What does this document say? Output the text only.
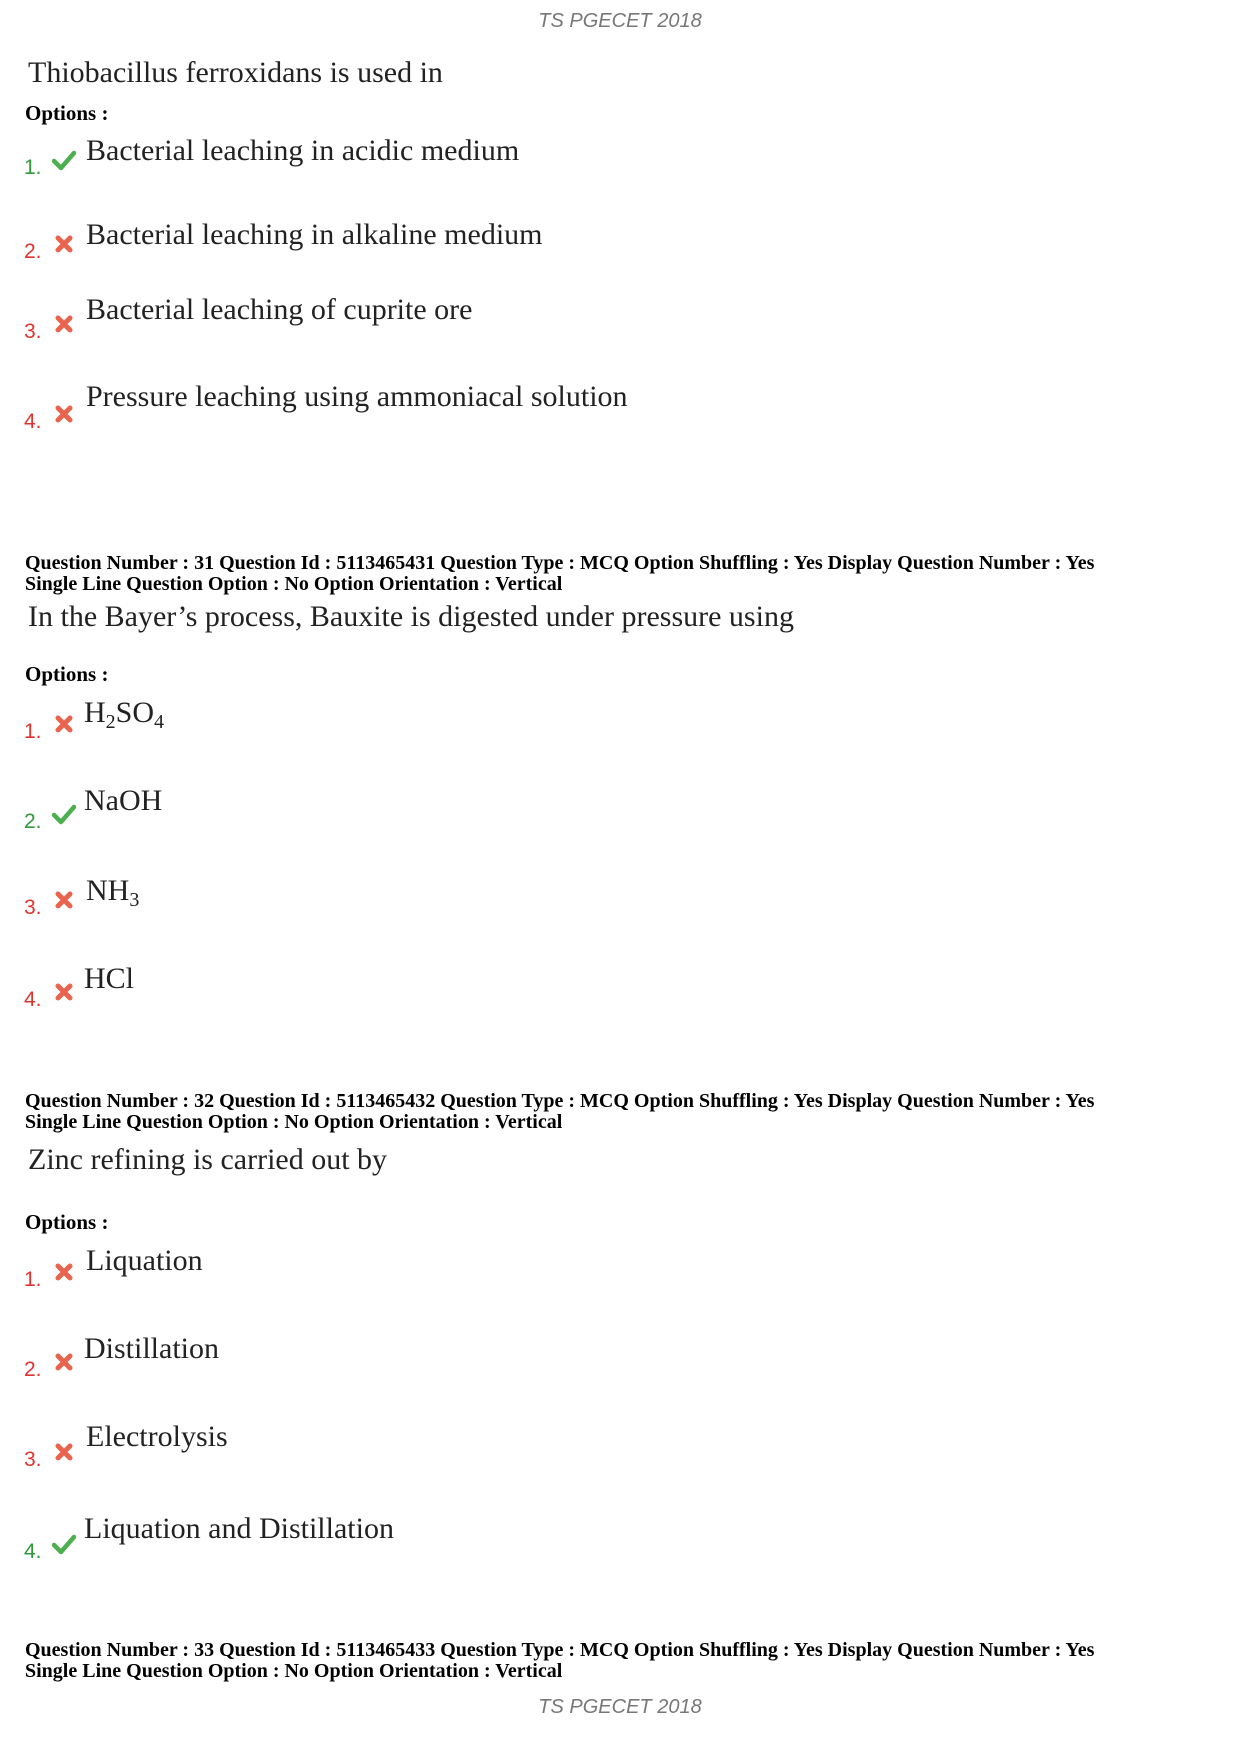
TS PGECET 2018
Thiobacillus ferroxidans is used in
Options :
1.
Bacterial leaching in acidic medium
2.
Bacterial leaching in alkaline medium
3.
Bacterial leaching of cuprite ore
4.
Pressure leaching using ammoniacal solution
Question Number : 31 Question Id : 5113465431 Question Type : MCQ Option Shuffling : Yes Display Question Number : Yes
Single Line Question Option : No Option Orientation : Vertical
In the Bayer’s process, Bauxite is digested under pressure using
Options :
1.
$H_2SO_4$
2.
NaOH
3.
$NH_3$
4.
HCl
Question Number : 32 Question Id : 5113465432 Question Type : MCQ Option Shuffling : Yes Display Question Number : Yes
Single Line Question Option : No Option Orientation : Vertical
Zinc refining is carried out by
Options :
1.
Liquation
2.
Distillation
3.
Electrolysis
4.
Liquation and Distillation
Question Number : 33 Question Id : 5113465433 Question Type : MCQ Option Shuffling : Yes Display Question Number : Yes
Single Line Question Option : No Option Orientation : Vertical
TS PGECET 2018
